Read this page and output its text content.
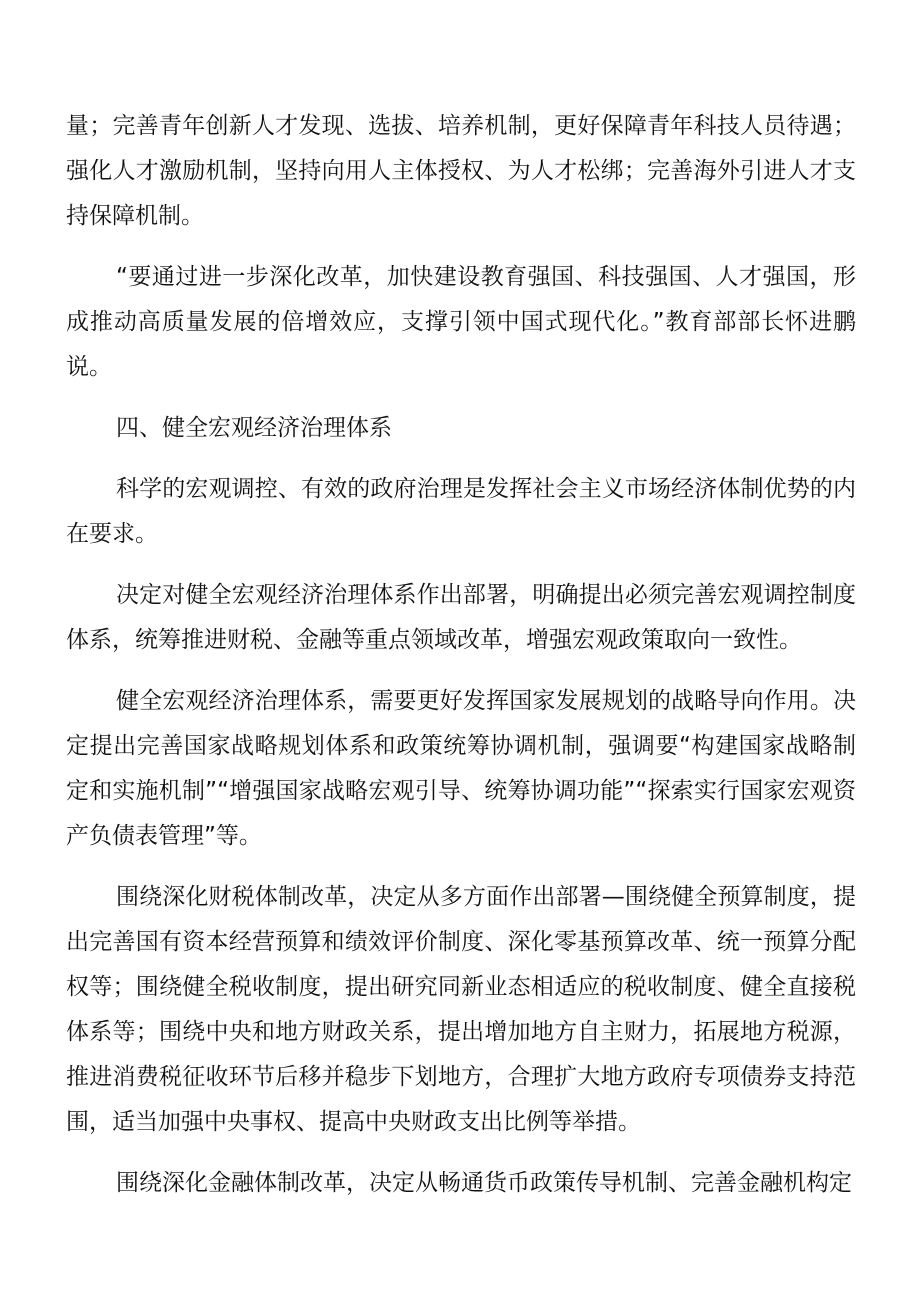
量；完善青年创新人才发现、选拔、培养机制，更好保障青年科技人员待遇；强化人才激励机制，坚持向用人主体授权、为人才松绑；完善海外引进人才支持保障机制。

“要通过进一步深化改革，加快建设教育强国、科技强国、人才强国，形成推动高质量发展的倍增效应，支撑引领中国式现代化。”教育部部长怀进鹏说。

四、健全宏观经济治理体系

科学的宏观调控、有效的政府治理是发挥社会主义市场经济体制优势的内在要求。

决定对健全宏观经济治理体系作出部署，明确提出必须完善宏观调控制度体系，统筹推进财税、金融等重点领域改革，增强宏观政策取向一致性。

健全宏观经济治理体系，需要更好发挥国家发展规划的战略导向作用。决定提出完善国家战略规划体系和政策统筹协调机制，强调要“构建国家战略制定和实施机制”“增强国家战略宏观引导、统筹协调功能”“探索实行国家宏观资产负债表管理”等。

围绕深化财税体制改革，决定从多方面作出部署—围绕健全预算制度，提出完善国有资本经营预算和绩效评价制度、深化零基预算改革、统一预算分配权等；围绕健全税收制度，提出研究同新业态相适应的税收制度、健全直接税体系等；围绕中央和地方财政关系，提出增加地方自主财力，拓展地方税源，推进消费税征收环节后移并稳步下划地方，合理扩大地方政府专项债券支持范围，适当加强中央事权、提高中央财政支出比例等举措。

围绕深化金融体制改革，决定从畅通货币政策传导机制、完善金融机构定
